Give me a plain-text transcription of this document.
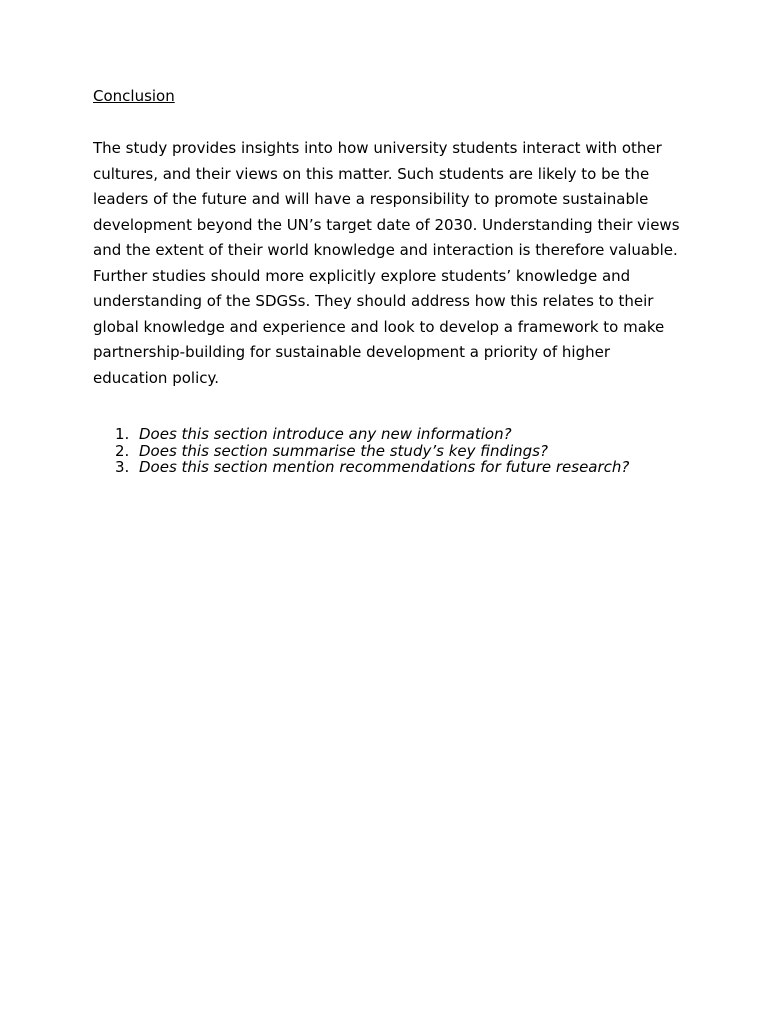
Conclusion

The study provides insights into how university students interact with other cultures, and their views on this matter. Such students are likely to be the leaders of the future and will have a responsibility to promote sustainable development beyond the UN’s target date of 2030. Understanding their views and the extent of their world knowledge and interaction is therefore valuable. Further studies should more explicitly explore students’ knowledge and understanding of the SDGSs. They should address how this relates to their global knowledge and experience and look to develop a framework to make partnership-building for sustainable development a priority of higher education policy.

1. Does this section introduce any new information?
2. Does this section summarise the study’s key findings?
3. Does this section mention recommendations for future research?
